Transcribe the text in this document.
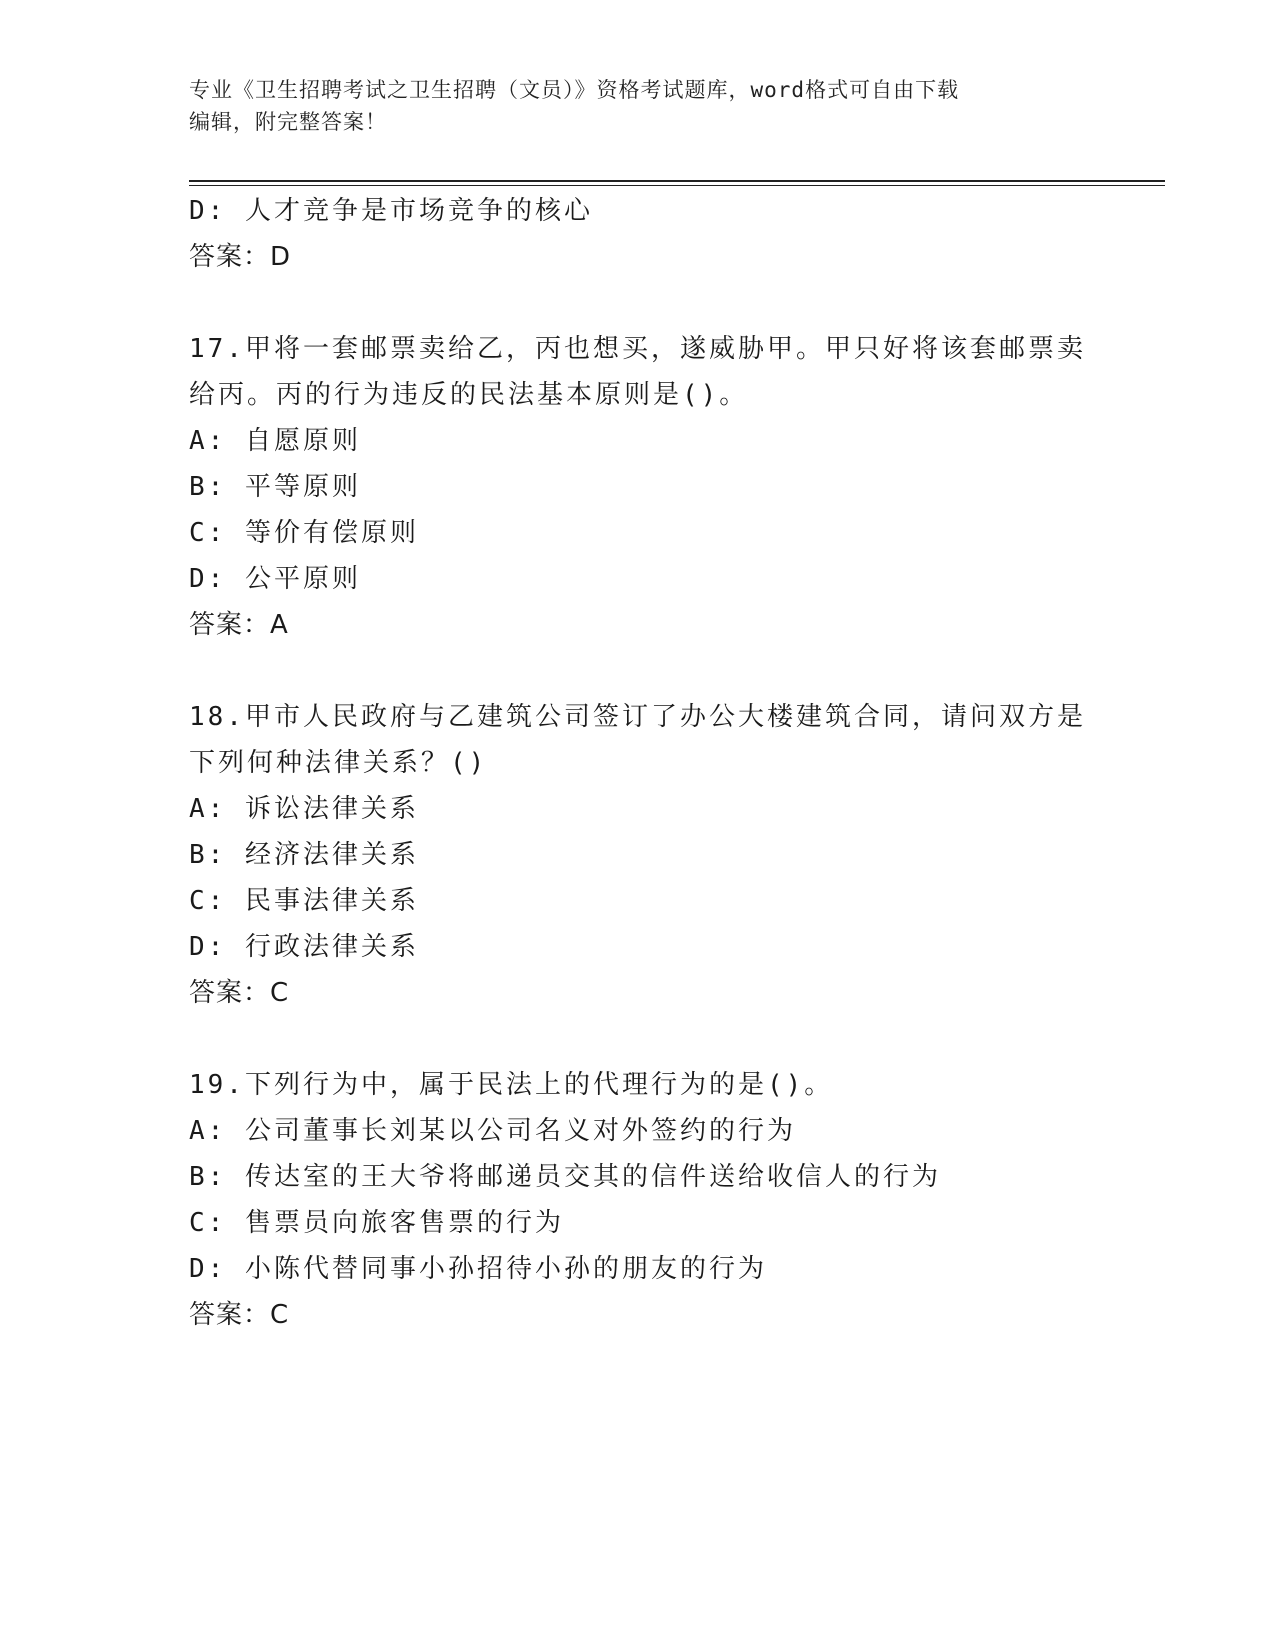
专业《卫生招聘考试之卫生招聘（文员）》资格考试题库，word格式可自由下载
编辑，附完整答案！
D: 人才竞争是市场竞争的核心
答案：D
17.甲将一套邮票卖给乙，丙也想买，遂威胁甲。甲只好将该套邮票卖
给丙。丙的行为违反的民法基本原则是()。
A: 自愿原则
B: 平等原则
C: 等价有偿原则
D: 公平原则
答案：A
18.甲市人民政府与乙建筑公司签订了办公大楼建筑合同，请问双方是
下列何种法律关系？()
A: 诉讼法律关系
B: 经济法律关系
C: 民事法律关系
D: 行政法律关系
答案：C
19.下列行为中，属于民法上的代理行为的是()。
A: 公司董事长刘某以公司名义对外签约的行为
B: 传达室的王大爷将邮递员交其的信件送给收信人的行为
C: 售票员向旅客售票的行为
D: 小陈代替同事小孙招待小孙的朋友的行为
答案：C
